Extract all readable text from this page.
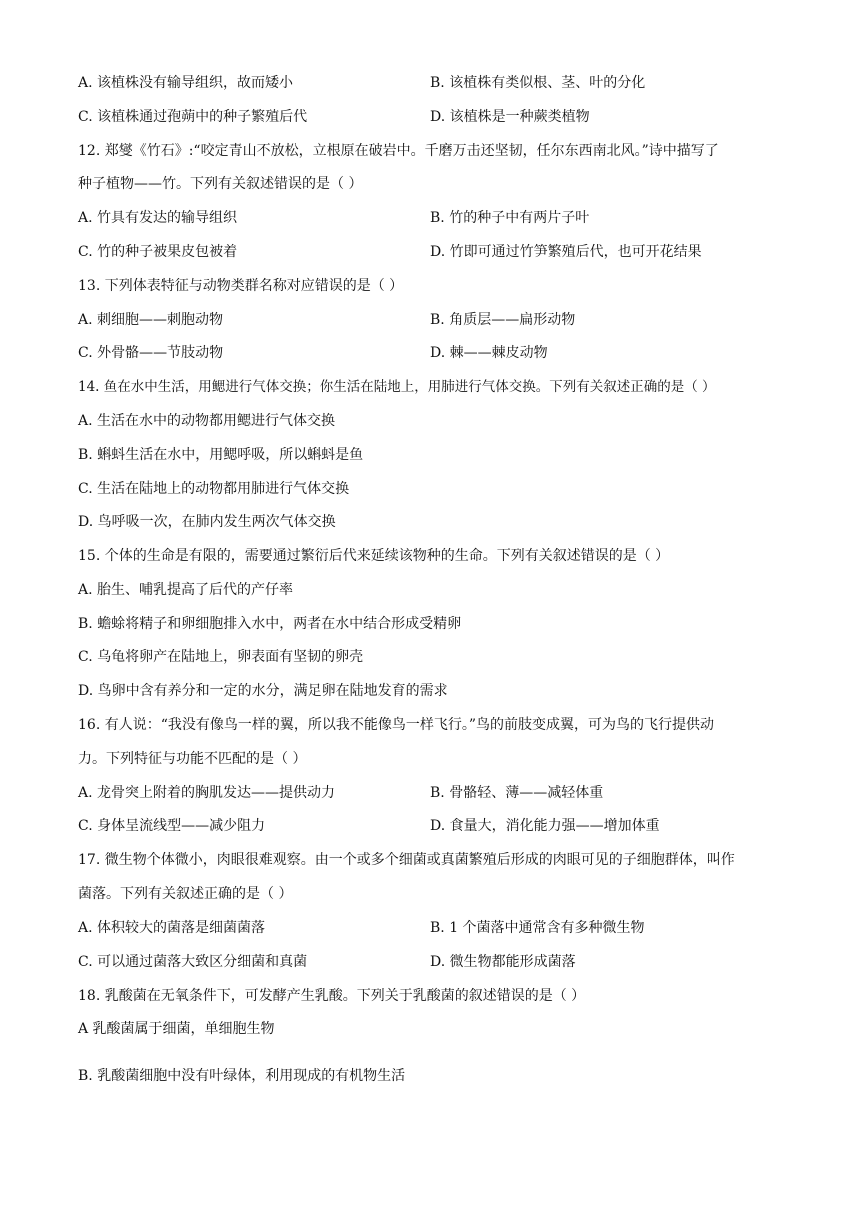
A. 该植株没有输导组织，故而矮小	B. 该植株有类似根、茎、叶的分化
C. 该植株通过孢蒴中的种子繁殖后代	D. 该植株是一种蕨类植物
12. 郑燮《竹石》:“咬定青山不放松，立根原在破岩中。千磨万击还坚韧，任尔东西南北风。”诗中描写了
种子植物——竹。下列有关叙述错误的是（ ）
A. 竹具有发达的输导组织	B. 竹的种子中有两片子叶
C. 竹的种子被果皮包被着	D. 竹即可通过竹笋繁殖后代，也可开花结果
13. 下列体表特征与动物类群名称对应错误的是（ ）
A. 刺细胞——刺胞动物	B. 角质层——扁形动物
C. 外骨骼——节肢动物	D. 棘——棘皮动物
14. 鱼在水中生活，用鳃进行气体交换；你生活在陆地上，用肺进行气体交换。下列有关叙述正确的是（ ）
A. 生活在水中的动物都用鳃进行气体交换
B. 蝌蚪生活在水中，用鳃呼吸，所以蝌蚪是鱼
C. 生活在陆地上的动物都用肺进行气体交换
D. 鸟呼吸一次，在肺内发生两次气体交换
15. 个体的生命是有限的，需要通过繁衍后代来延续该物种的生命。下列有关叙述错误的是（ ）
A. 胎生、哺乳提高了后代的产仔率
B. 蟾蜍将精子和卵细胞排入水中，两者在水中结合形成受精卵
C. 乌龟将卵产在陆地上，卵表面有坚韧的卵壳
D. 鸟卵中含有养分和一定的水分，满足卵在陆地发育的需求
16. 有人说：“我没有像鸟一样的翼，所以我不能像鸟一样飞行。”鸟的前肢变成翼，可为鸟的飞行提供动
力。下列特征与功能不匹配的是（ ）
A. 龙骨突上附着的胸肌发达——提供动力	B. 骨骼轻、薄——减轻体重
C. 身体呈流线型——减少阻力	D. 食量大，消化能力强——增加体重
17. 微生物个体微小，肉眼很难观察。由一个或多个细菌或真菌繁殖后形成的肉眼可见的子细胞群体，叫作
菌落。下列有关叙述正确的是（ ）
A. 体积较大的菌落是细菌菌落	B. 1 个菌落中通常含有多种微生物
C. 可以通过菌落大致区分细菌和真菌	D. 微生物都能形成菌落
18. 乳酸菌在无氧条件下，可发酵产生乳酸。下列关于乳酸菌的叙述错误的是（ ）
A 乳酸菌属于细菌，单细胞生物
B. 乳酸菌细胞中没有叶绿体，利用现成的有机物生活
